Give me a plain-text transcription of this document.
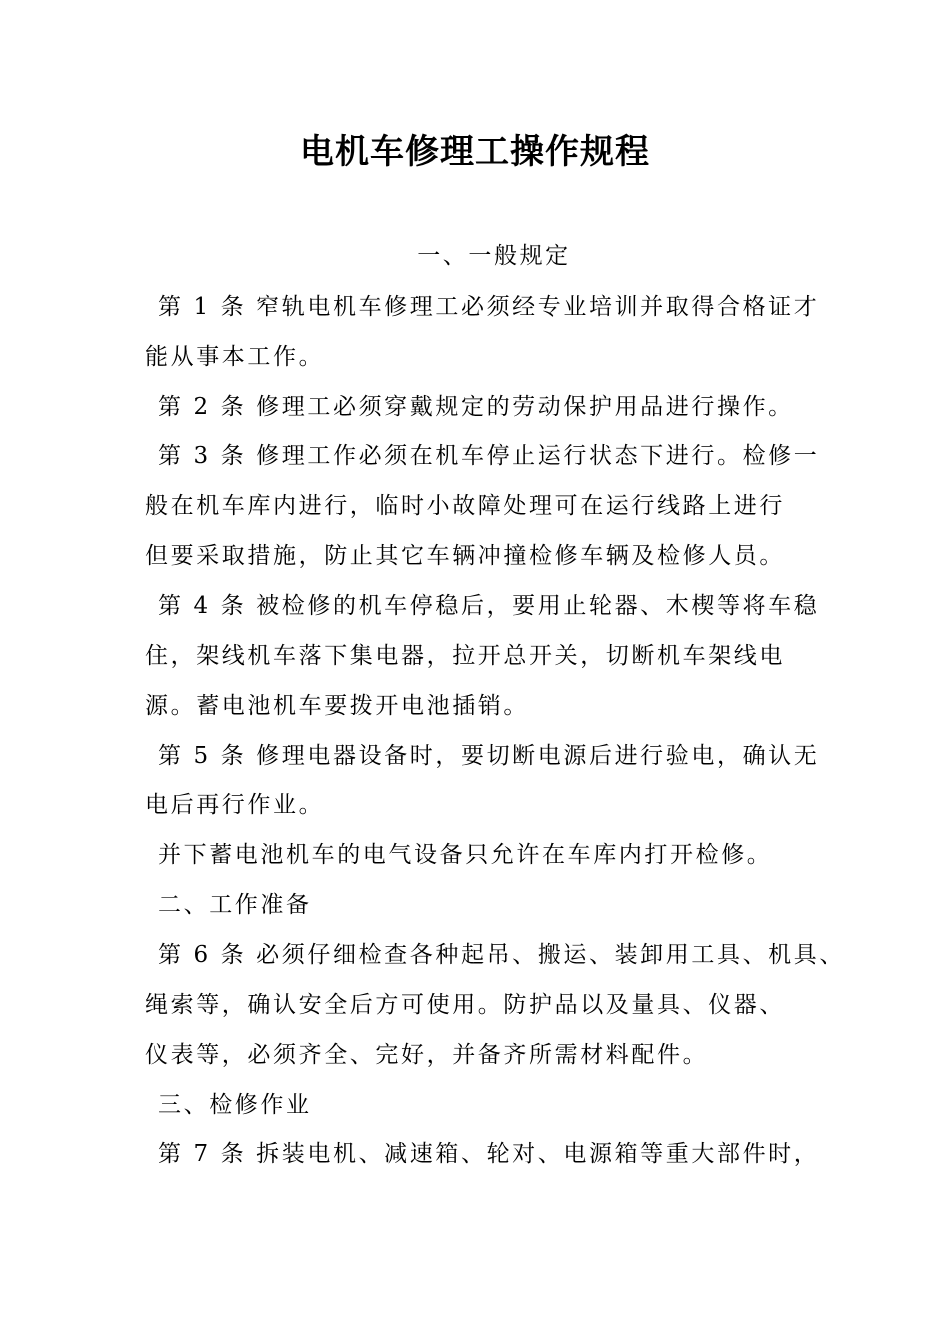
电机车修理工操作规程
一、一般规定
第 1 条 窄轨电机车修理工必须经专业培训并取得合格证才
能从事本工作。
第 2 条 修理工必须穿戴规定的劳动保护用品进行操作。
第 3 条 修理工作必须在机车停止运行状态下进行。检修一
般在机车库内进行，临时小故障处理可在运行线路上进行
但要采取措施，防止其它车辆冲撞检修车辆及检修人员。
第 4 条 被检修的机车停稳后，要用止轮器、木楔等将车稳
住，架线机车落下集电器，拉开总开关，切断机车架线电
源。蓄电池机车要拨开电池插销。
第 5 条 修理电器设备时，要切断电源后进行验电，确认无
电后再行作业。
并下蓄电池机车的电气设备只允许在车库内打开检修。
二、工作准备
第 6 条 必须仔细检查各种起吊、搬运、装卸用工具、机具、
绳索等，确认安全后方可使用。防护品以及量具、仪器、
仪表等，必须齐全、完好，并备齐所需材料配件。
三、检修作业
第 7 条 拆装电机、减速箱、轮对、电源箱等重大部件时，
